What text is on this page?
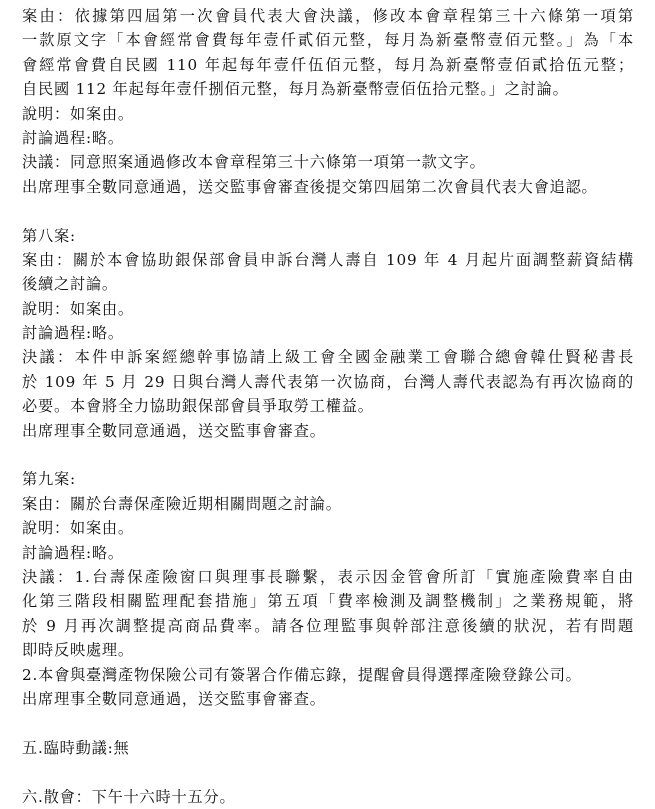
案由：依據第四屆第一次會員代表大會決議，修改本會章程第三十六條第一項第
一款原文字「本會經常會費每年壹仟貳佰元整，每月為新臺幣壹佰元整。」為「本
會經常會費自民國 110 年起每年壹仟伍佰元整，每月為新臺幣壹佰貳拾伍元整；
自民國 112 年起每年壹仟捌佰元整，每月為新臺幣壹佰伍拾元整。」之討論。
說明：如案由。
討論過程:略。
決議：同意照案通過修改本會章程第三十六條第一項第一款文字。
出席理事全數同意通過，送交監事會審查後提交第四屆第二次會員代表大會追認。
第八案:
案由：關於本會協助銀保部會員申訴台灣人壽自 109 年 4 月起片面調整薪資結構
後續之討論。
說明：如案由。
討論過程:略。
決議：本件申訴案經總幹事協請上級工會全國金融業工會聯合總會韓仕賢秘書長
於 109 年 5 月 29 日與台灣人壽代表第一次協商，台灣人壽代表認為有再次協商的
必要。本會將全力協助銀保部會員爭取勞工權益。
出席理事全數同意通過，送交監事會審查。
第九案:
案由：關於台壽保產險近期相關問題之討論。
說明：如案由。
討論過程:略。
決議：1.台壽保產險窗口與理事長聯繫，表示因金管會所訂「實施產險費率自由
化第三階段相關監理配套措施」第五項「費率檢測及調整機制」之業務規範，將
於 9 月再次調整提高商品費率。請各位理監事與幹部注意後續的狀況，若有問題
即時反映處理。
2.本會與臺灣產物保險公司有簽署合作備忘錄，提醒會員得選擇產險登錄公司。
出席理事全數同意通過，送交監事會審查。
五.臨時動議:無
六.散會：下午十六時十五分。
